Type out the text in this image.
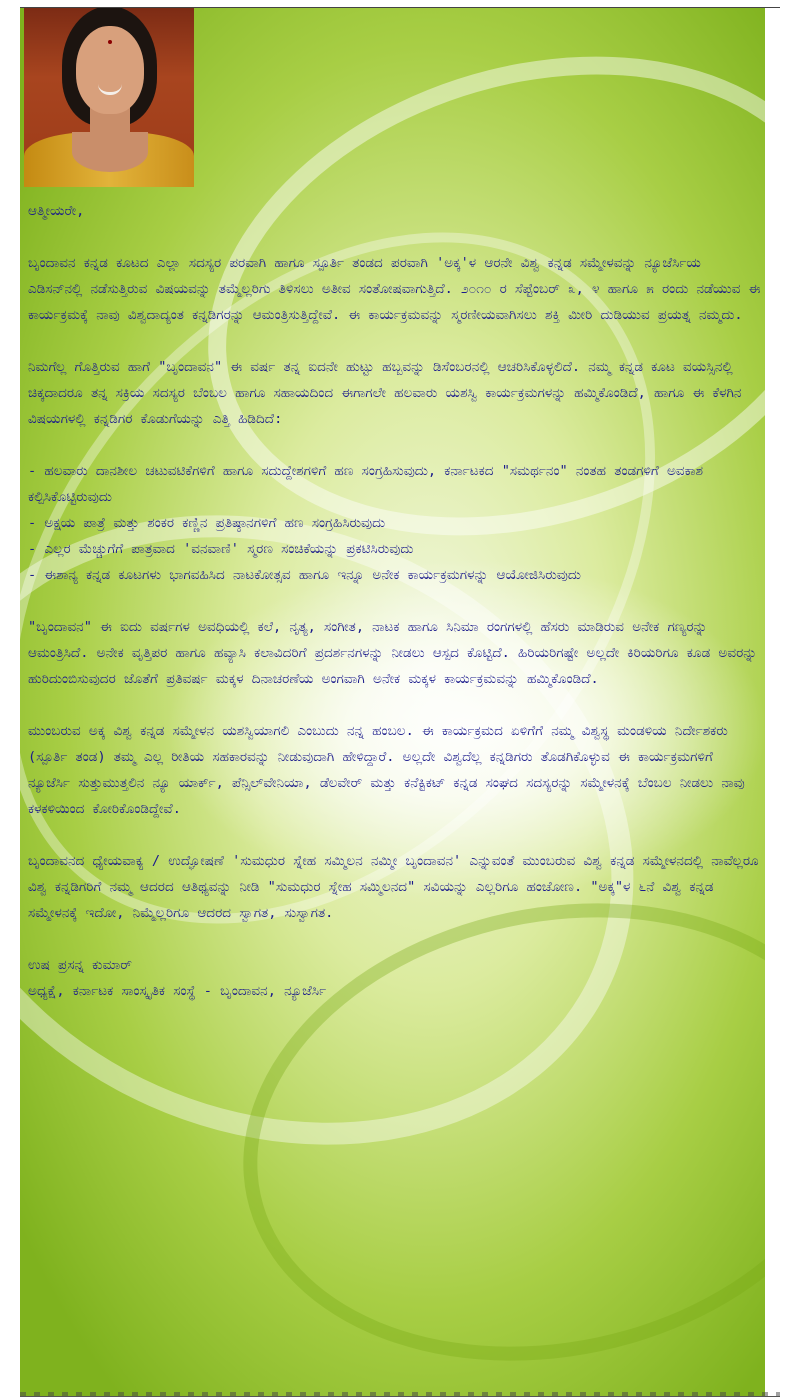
ಆತ್ಮೀಯರೇ,

ಬೃಂದಾವನ ಕನ್ನಡ ಕೂಟದ ಎಲ್ಲಾ ಸದಸ್ಯರ ಪರವಾಗಿ ಹಾಗೂ ಸ್ಪೂರ್ತಿ ತಂಡದ ಪರವಾಗಿ 'ಅಕ್ಕ'ಳ ಆರನೇ ವಿಶ್ವ ಕನ್ನಡ ಸಮ್ಮೇಳವನ್ನು ನ್ಯೂಜೆರ್ಸಿಯ ಎಡಿಸನ್‌ನಲ್ಲಿ ನಡೆಸುತ್ತಿರುವ ವಿಷಯವನ್ನು ತಮ್ಮೆಲ್ಲರಿಗು ತಿಳಿಸಲು ಅತೀವ ಸಂತೋಷವಾಗುತ್ತಿದೆ. ೨೦೧೦ ರ ಸೆಪ್ಟೆಂಬರ್ ೩, ೪ ಹಾಗೂ ೫ ರಂದು ನಡೆಯುವ ಈ ಕಾರ್ಯಕ್ರಮಕ್ಕೆ ನಾವು ವಿಶ್ವದಾದ್ಯಂತ ಕನ್ನಡಿಗರನ್ನು ಆಮಂತ್ರಿಸುತ್ತಿದ್ದೇವೆ. ಈ ಕಾರ್ಯಕ್ರಮವನ್ನು ಸ್ಮರಣೀಯವಾಗಿಸಲು ಶಕ್ತಿ ಮೀರಿ ದುಡಿಯುವ ಪ್ರಯತ್ನ ನಮ್ಮದು.

ನಿಮಗೆಲ್ಲ ಗೊತ್ತಿರುವ ಹಾಗೆ "ಬೃಂದಾವನ" ಈ ವರ್ಷ ತನ್ನ ಐದನೇ ಹುಟ್ಟು ಹಬ್ಬವನ್ನು ಡಿಸೆಂಬರನಲ್ಲಿ ಆಚರಿಸಿಕೊಳ್ಳಲಿದೆ. ನಮ್ಮ ಕನ್ನಡ ಕೂಟ ವಯಸ್ಸಿನಲ್ಲಿ ಚಿಕ್ಕದಾದರೂ ತನ್ನ ಸಕ್ರಿಯ ಸದಸ್ಯರ ಬೆಂಬಲ ಹಾಗೂ ಸಹಾಯದಿಂದ ಈಗಾಗಲೇ ಹಲವಾರು ಯಶಸ್ವಿ ಕಾರ್ಯಕ್ರಮಗಳನ್ನು ಹಮ್ಮಿಕೊಂಡಿದೆ, ಹಾಗೂ ಈ ಕೆಳಗಿನ ವಿಷಯಗಳಲ್ಲಿ ಕನ್ನಡಿಗರ ಕೊಡುಗೆಯನ್ನು ಎತ್ತಿ ಹಿಡಿದಿದೆ:

- ಹಲವಾರು ದಾನಶೀಲ ಚಟುವಟಿಕೆಗಳಿಗೆ ಹಾಗೂ ಸದುದ್ದೇಶಗಳಿಗೆ ಹಣ ಸಂಗ್ರಹಿಸುವುದು, ಕರ್ನಾಟಕದ "ಸಮರ್ಥನಂ" ನಂತಹ ತಂಡಗಳಿಗೆ ಅವಕಾಶ ಕಲ್ಪಿಸಿಕೊಟ್ಟಿರುವುದು
- ಅಕ್ಷಯ ಪಾತ್ರೆ ಮತ್ತು ಶಂಕರ ಕಣ್ಣಿನ ಪ್ರತಿಷ್ಠಾನಗಳಿಗೆ ಹಣ ಸಂಗ್ರಹಿಸಿರುವುದು
- ಎಲ್ಲರ ಮೆಚ್ಚುಗೆಗೆ ಪಾತ್ರವಾದ 'ವನವಾಣಿ' ಸ್ಮರಣ ಸಂಚಿಕೆಯನ್ನು ಪ್ರಕಟಿಸಿರುವುದು
- ಈಶಾನ್ಯ ಕನ್ನಡ ಕೂಟಗಳು ಭಾಗವಹಿಸಿದ ನಾಟಕೋತ್ಸವ ಹಾಗೂ ಇನ್ನೂ ಅನೇಕ ಕಾರ್ಯಕ್ರಮಗಳನ್ನು ಆಯೋಜಿಸಿರುವುದು

"ಬೃಂದಾವನ" ಈ ಐದು ವರ್ಷಗಳ ಅವಧಿಯಲ್ಲಿ ಕಲೆ, ನೃತ್ಯ, ಸಂಗೀತ, ನಾಟಕ ಹಾಗೂ ಸಿನಿಮಾ ರಂಗಗಳಲ್ಲಿ ಹೆಸರು ಮಾಡಿರುವ ಅನೇಕ ಗಣ್ಯರನ್ನು ಆಮಂತ್ರಿಸಿದೆ. ಅನೇಕ ವೃತ್ತಿಪರ ಹಾಗೂ ಹವ್ಯಾಸಿ ಕಲಾವಿದರಿಗೆ ಪ್ರದರ್ಶನಗಳನ್ನು ನೀಡಲು ಆಸ್ಪದ ಕೊಟ್ಟಿದೆ. ಹಿರಿಯರಿಗಷ್ಟೇ ಅಲ್ಲದೇ ಕಿರಿಯರಿಗೂ ಕೂಡ ಅವರನ್ನು ಹುರಿದುಂಬಿಸುವುದರ ಜೊತೆಗೆ ಪ್ರತಿವರ್ಷ ಮಕ್ಕಳ ದಿನಾಚರಣೆಯ ಅಂಗವಾಗಿ ಅನೇಕ ಮಕ್ಕಳ ಕಾರ್ಯಕ್ರಮವನ್ನು ಹಮ್ಮಿಕೊಂಡಿದೆ.

ಮುಂಬರುವ ಅಕ್ಕ ವಿಶ್ವ ಕನ್ನಡ ಸಮ್ಮೇಳನ ಯಶಸ್ವಿಯಾಗಲಿ ಎಂಬುದು ನನ್ನ ಹಂಬಲ. ಈ ಕಾರ್ಯಕ್ರಮದ ಏಳಿಗೆಗೆ ನಮ್ಮ ವಿಶ್ವಸ್ಥ ಮಂಡಳಿಯ ನಿರ್ದೇಶಕರು (ಸ್ಪೂರ್ತಿ ತಂಡ) ತಮ್ಮ ಎಲ್ಲ ರೀತಿಯ ಸಹಕಾರವನ್ನು ನೀಡುವುದಾಗಿ ಹೇಳಿದ್ದಾರೆ. ಅಲ್ಲದೇ ವಿಶ್ವದೆಲ್ಲ ಕನ್ನಡಿಗರು ತೊಡಗಿಕೊಳ್ಳುವ ಈ ಕಾರ್ಯಕ್ರಮಗಳಿಗೆ ನ್ಯೂಜೆರ್ಸಿ ಸುತ್ತುಮುತ್ತಲಿನ ನ್ಯೂ ಯಾರ್ಕ್, ಪೆನ್ಸಿಲ್‌ವೇನಿಯಾ, ಡೆಲವೇರ್ ಮತ್ತು ಕನೆಕ್ಟಿಕಟ್ ಕನ್ನಡ ಸಂಘದ ಸದಸ್ಯರನ್ನು ಸಮ್ಮೇಳನಕ್ಕೆ ಬೆಂಬಲ ನೀಡಲು ನಾವು ಕಳಕಳಿಯಿಂದ ಕೋರಿಕೊಂಡಿದ್ದೇವೆ.

ಬೃಂದಾವನದ ಧ್ಯೇಯವಾಕ್ಯ / ಉದ್ಘೋಷಣೆ 'ಸುಮಧುರ ಸ್ನೇಹ ಸಮ್ಮಿಲನ ನಮ್ಮೀ ಬೃಂದಾವನ' ಎನ್ನುವಂತೆ ಮುಂಬರುವ ವಿಶ್ವ ಕನ್ನಡ ಸಮ್ಮೇಳನದಲ್ಲಿ ನಾವೆಲ್ಲರೂ ವಿಶ್ವ ಕನ್ನಡಿಗರಿಗೆ ನಮ್ಮ ಆದರದ ಆತಿಥ್ಯವನ್ನು ನೀಡಿ "ಸುಮಧುರ ಸ್ನೇಹ ಸಮ್ಮಿಲನದ" ಸವಿಯನ್ನು ಎಲ್ಲರಿಗೂ ಹಂಚೋಣ. "ಅಕ್ಕ"ಳ ೬ನೆ ವಿಶ್ವ ಕನ್ನಡ ಸಮ್ಮೇಳನಕ್ಕೆ ಇದೋ, ನಿಮ್ಮೆಲ್ಲರಿಗೂ ಆದರದ ಸ್ವಾಗತ, ಸುಸ್ವಾಗತ.

ಉಷ ಪ್ರಸನ್ನ ಕುಮಾರ್
ಅಧ್ಯಕ್ಷೆ, ಕರ್ನಾಟಕ ಸಾಂಸ್ಕೃತಿಕ ಸಂಸ್ಥೆ - ಬೃಂದಾವನ, ನ್ಯೂಜೆರ್ಸಿ
